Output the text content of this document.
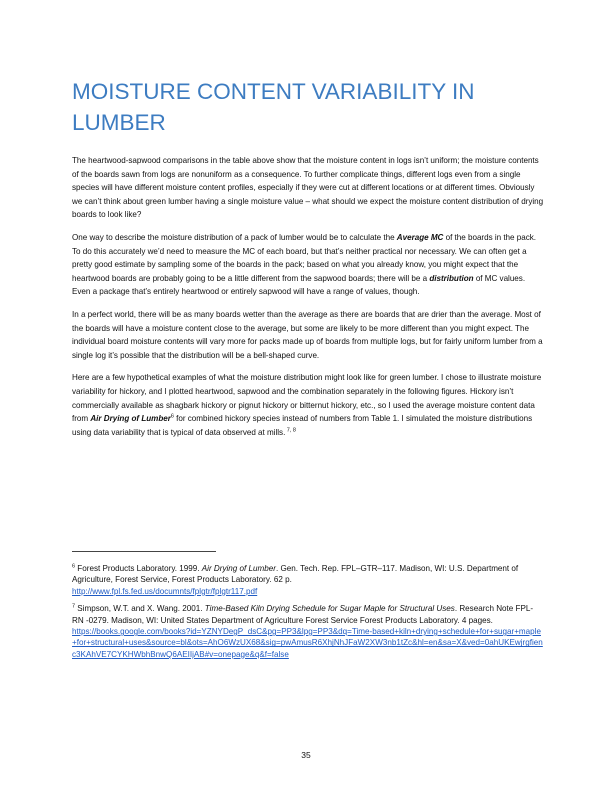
MOISTURE CONTENT VARIABILITY IN LUMBER

The heartwood-sapwood comparisons in the table above show that the moisture content in logs isn’t uniform; the moisture contents of the boards sawn from logs are nonuniform as a consequence. To further complicate things, different logs even from a single species will have different moisture content profiles, especially if they were cut at different locations or at different times. Obviously we can’t think about green lumber having a single moisture value – what should we expect the moisture content distribution of drying boards to look like?

One way to describe the moisture distribution of a pack of lumber would be to calculate the Average MC of the boards in the pack. To do this accurately we’d need to measure the MC of each board, but that’s neither practical nor necessary. We can often get a pretty good estimate by sampling some of the boards in the pack; based on what you already know, you might expect that the heartwood boards are probably going to be a little different from the sapwood boards; there will be a distribution of MC values. Even a package that’s entirely heartwood or entirely sapwood will have a range of values, though.

In a perfect world, there will be as many boards wetter than the average as there are boards that are drier than the average. Most of the boards will have a moisture content close to the average, but some are likely to be more different than you might expect. The individual board moisture contents will vary more for packs made up of boards from multiple logs, but for fairly uniform lumber from a single log it’s possible that the distribution will be a bell-shaped curve.

Here are a few hypothetical examples of what the moisture distribution might look like for green lumber. I chose to illustrate moisture variability for hickory, and I plotted heartwood, sapwood and the combination separately in the following figures. Hickory isn’t commercially available as shagbark hickory or pignut hickory or bitternut hickory, etc., so I used the average moisture content data from Air Drying of Lumber$^6$ for combined hickory species instead of numbers from Table 1. I simulated the moisture distributions using data variability that is typical of data observed at mills. $^{7, 8}$

$^6$ Forest Products Laboratory. 1999. Air Drying of Lumber. Gen. Tech. Rep. FPL–GTR–117. Madison, WI: U.S. Department of Agriculture, Forest Service, Forest Products Laboratory. 62 p.
http://www.fpl.fs.fed.us/documnts/fplgtr/fplgtr117.pdf

$^7$ Simpson, W.T. and X. Wang. 2001. Time-Based Kiln Drying Schedule for Sugar Maple for Structural Uses. Research Note FPL-RN -0279. Madison, WI: United States Department of Agriculture Forest Service Forest Products Laboratory. 4 pages.
https://books.google.com/books?id=YZNYDegP_dsC&pg=PP3&lpg=PP3&dq=Time-based+kiln+drying+schedule+for+sugar+maple+for+structural+uses&source=bl&ots=AhO6WzUX68&sig=pwAmusR6XhjNhJFaW2XW3nb1tZc&hl=en&sa=X&ved=0ahUKEwjrgfienc3KAhVE7CYKHWbhBnwQ6AEIIjAB#v=onepage&q&f=false

35
